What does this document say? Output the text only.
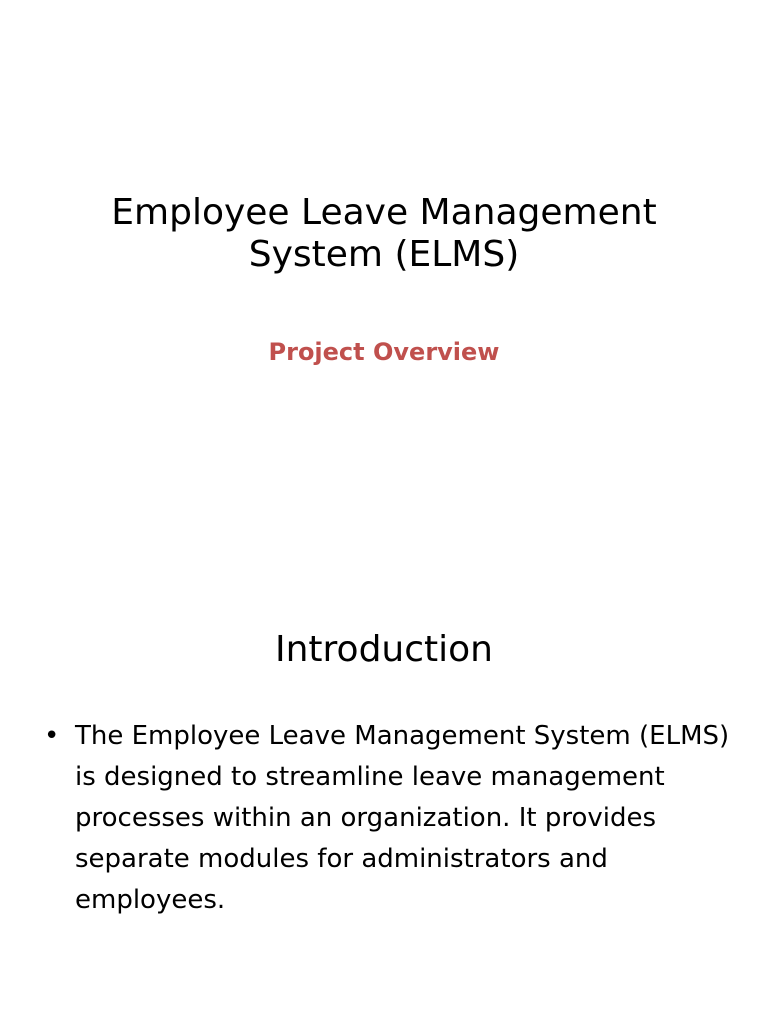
Employee Leave Management System (ELMS)

Project Overview

Introduction
• The Employee Leave Management System (ELMS) is designed to streamline leave management processes within an organization. It provides separate modules for administrators and employees.
